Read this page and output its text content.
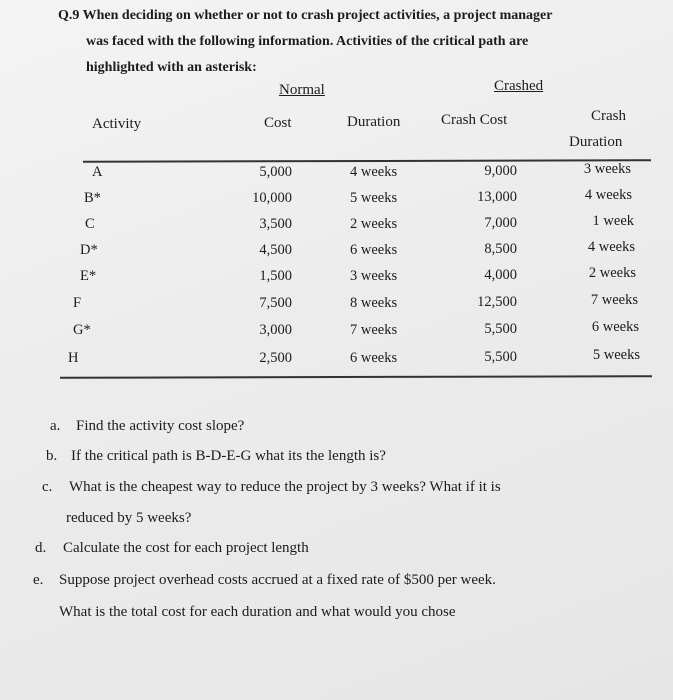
Q.9 When deciding on whether or not to crash project activities, a project manager
was faced with the following information. Activities of the critical path are
highlighted with an asterisk:
Normal	Crashed
Activity	Cost	Duration	Crash Cost	Crash
Duration
A	5,000	4 weeks	9,000	3 weeks
B*	10,000	5 weeks	13,000	4 weeks
C	3,500	2 weeks	7,000	1 week
D*	4,500	6 weeks	8,500	4 weeks
E*	1,500	3 weeks	4,000	2 weeks
F	7,500	8 weeks	12,500	7 weeks
G*	3,000	7 weeks	5,500	6 weeks
H	2,500	6 weeks	5,500	5 weeks
a. Find the activity cost slope?
b. If the critical path is B-D-E-G what its the length is?
c. What is the cheapest way to reduce the project by 3 weeks? What if it is
reduced by 5 weeks?
d. Calculate the cost for each project length
e. Suppose project overhead costs accrued at a fixed rate of $500 per week.
What is the total cost for each duration and what would you chose
